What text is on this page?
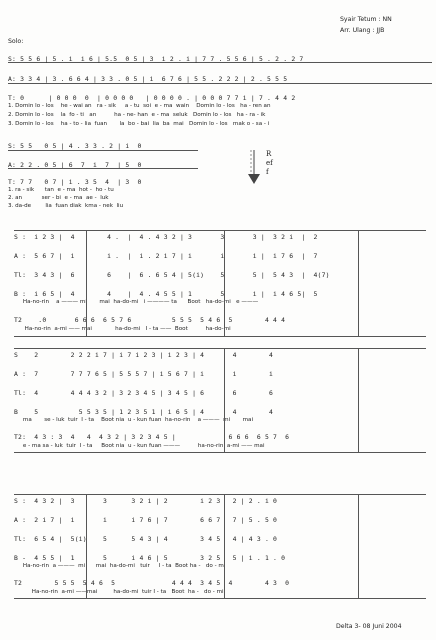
Solo:
Syair Tetum : NN
Arr. Ulang : JJB
S: 5 5 6 | 5 . i  i 6 | 5.5  0 5 | 3  i 2 . i | 7 7 . 5 5 6 | 5 . 2 . 2 7
A: 3 3 4 | 3 . 6 6 4 | 3 3 . 0 5 | i  6 7 6 | 5 5 . 2 2 2 | 2 . 5 5 5
T: 0      | 0 0 0  0  | 0 0 0 0   | 0 0 0 0 . | 0 0 0 7 7 i | 7 . 4 4 2
1. Domin lo - los    he - wai an   ra - sik     a - tu  soi  e - ma  wain    Domin lo - los   ha - ren an
2. Domin lo - los    la  fo - ti   an          ha - ne- han  e - ma  seluk   Domin lo - los   ha - ra - ik
3. Domin lo - los    ha - to - lia  fuan       la  bo - bai  lia  ba  mai   Domin lo - los   mak o - sa - i
S: 5 5   0 5 | 4 . 3 3 . 2 | i  0
A: 2 2 . 0 5 | 6  7  i  7  | 5  0
T: 7 7   0 7 | i . 3 5  4  | 3  0
1. ra - sik      tan  e - ma  hot -  ho - tu
2. an           ser - bi  e - ma  ae -  luk
3. da-de        lia  fuan diak  kma - nek  liu
Reff
S :  i 2 3 |  4        4 .  |  4 . 4 3 2 | 3       3       3 |  3 2 i  |  2
A :  5 6 7 |  i        i .  |  i . 2 i 7 | i       i       i |  i 7 6  |  7
Tl:  3 4 3 |  6        6    |  6 . 6 5 4 | 5(i)    5       5 |  5 4 3  |  4(7)
B :  i 6 5 |  4        4    |  4 . 4 5 5 | 1       5       i |  i 4 6 5|  5
Ha-no-rin    a ——— mi       mai  ha-do-mi   i ———— ta      Boot   ha-do-mi   e ———
T2    .0       6 6 6  6 5 7 6          5 5 5  5 4 6  5        4 4 4
Ha-no-rin  a-mi —— mai             ha-do-mi   I - ta ——  Boot          ha-do-mi
S    2        2 2 2 i 7 | i 7 i 2 3 | i 2 3 | 4       4        4
A :  7        7 7 7 6 5 | 5 5 5 7 | i 5 6 7 | i       i        i
Tl:  4        4 4 4 3 2 | 3 2 3 4 5 | 3 4 5 | 6       6        6
B    5          5 5 3 5 | 1 2 3 5 1 | i 6 5 | 4       4        4
ma       se - luk  tuir  I - ta    Boot nia  u - kun fuan  ha-no-rin    a ———  mi       mai
T2:  4 3 : 3  4   4  4 3 2 | 3 2 3 4 5 |             6 6 6  6 5 7  6
e - ma sa - luk  tuir  I - ta     Boot nia  u - kun fuan ———          ha-no-rin  a-mi —— mai
S :  4 3 2 |  3       3      3 2 i | 2        i 2 3   2 | 2 . i 0
A :  2 i 7 |  i       i      i 7 6 | 7        6 6 7   7 | 5 . 5 0
Tl:  6 5 4 |  5(i)    5      5 4 3 | 4        3 4 5   4 | 4 3 . 0
B -  4 5 5 |  1       5      i 4 6 | 5        3 2 5   5 | i . 1 . 0
Ha-no-rin  a ———  mi      mai  ha-do-mi   tuir     I - ta  Boot ha -   do - mi
T2        5 5 5  5 4 6  5              4 4 4  3 4 5  4        4 3  0
Ha-no-rin  a-mi ——mai         ha-do-mi  tuir I - ta   Boot  ha -   do - mi
Delta 3- 08 Juni 2004
